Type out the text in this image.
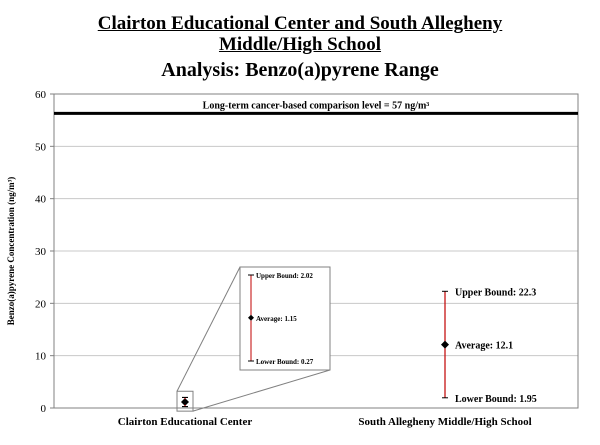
Clairton Educational Center and South Allegheny
Middle/High School
Analysis: Benzo(a)pyrene Range
0
10
20
30
40
50
60
Benzo(a)pyrene Concentration (ng/m³)
Long-term cancer-based comparison level = 57 ng/m³
Upper Bound: 22.3
Average: 12.1
Lower Bound: 1.95
Clairton Educational Center	South Allegheny Middle/High School
Upper Bound: 2.02
Average: 1.15
Lower Bound: 0.27
